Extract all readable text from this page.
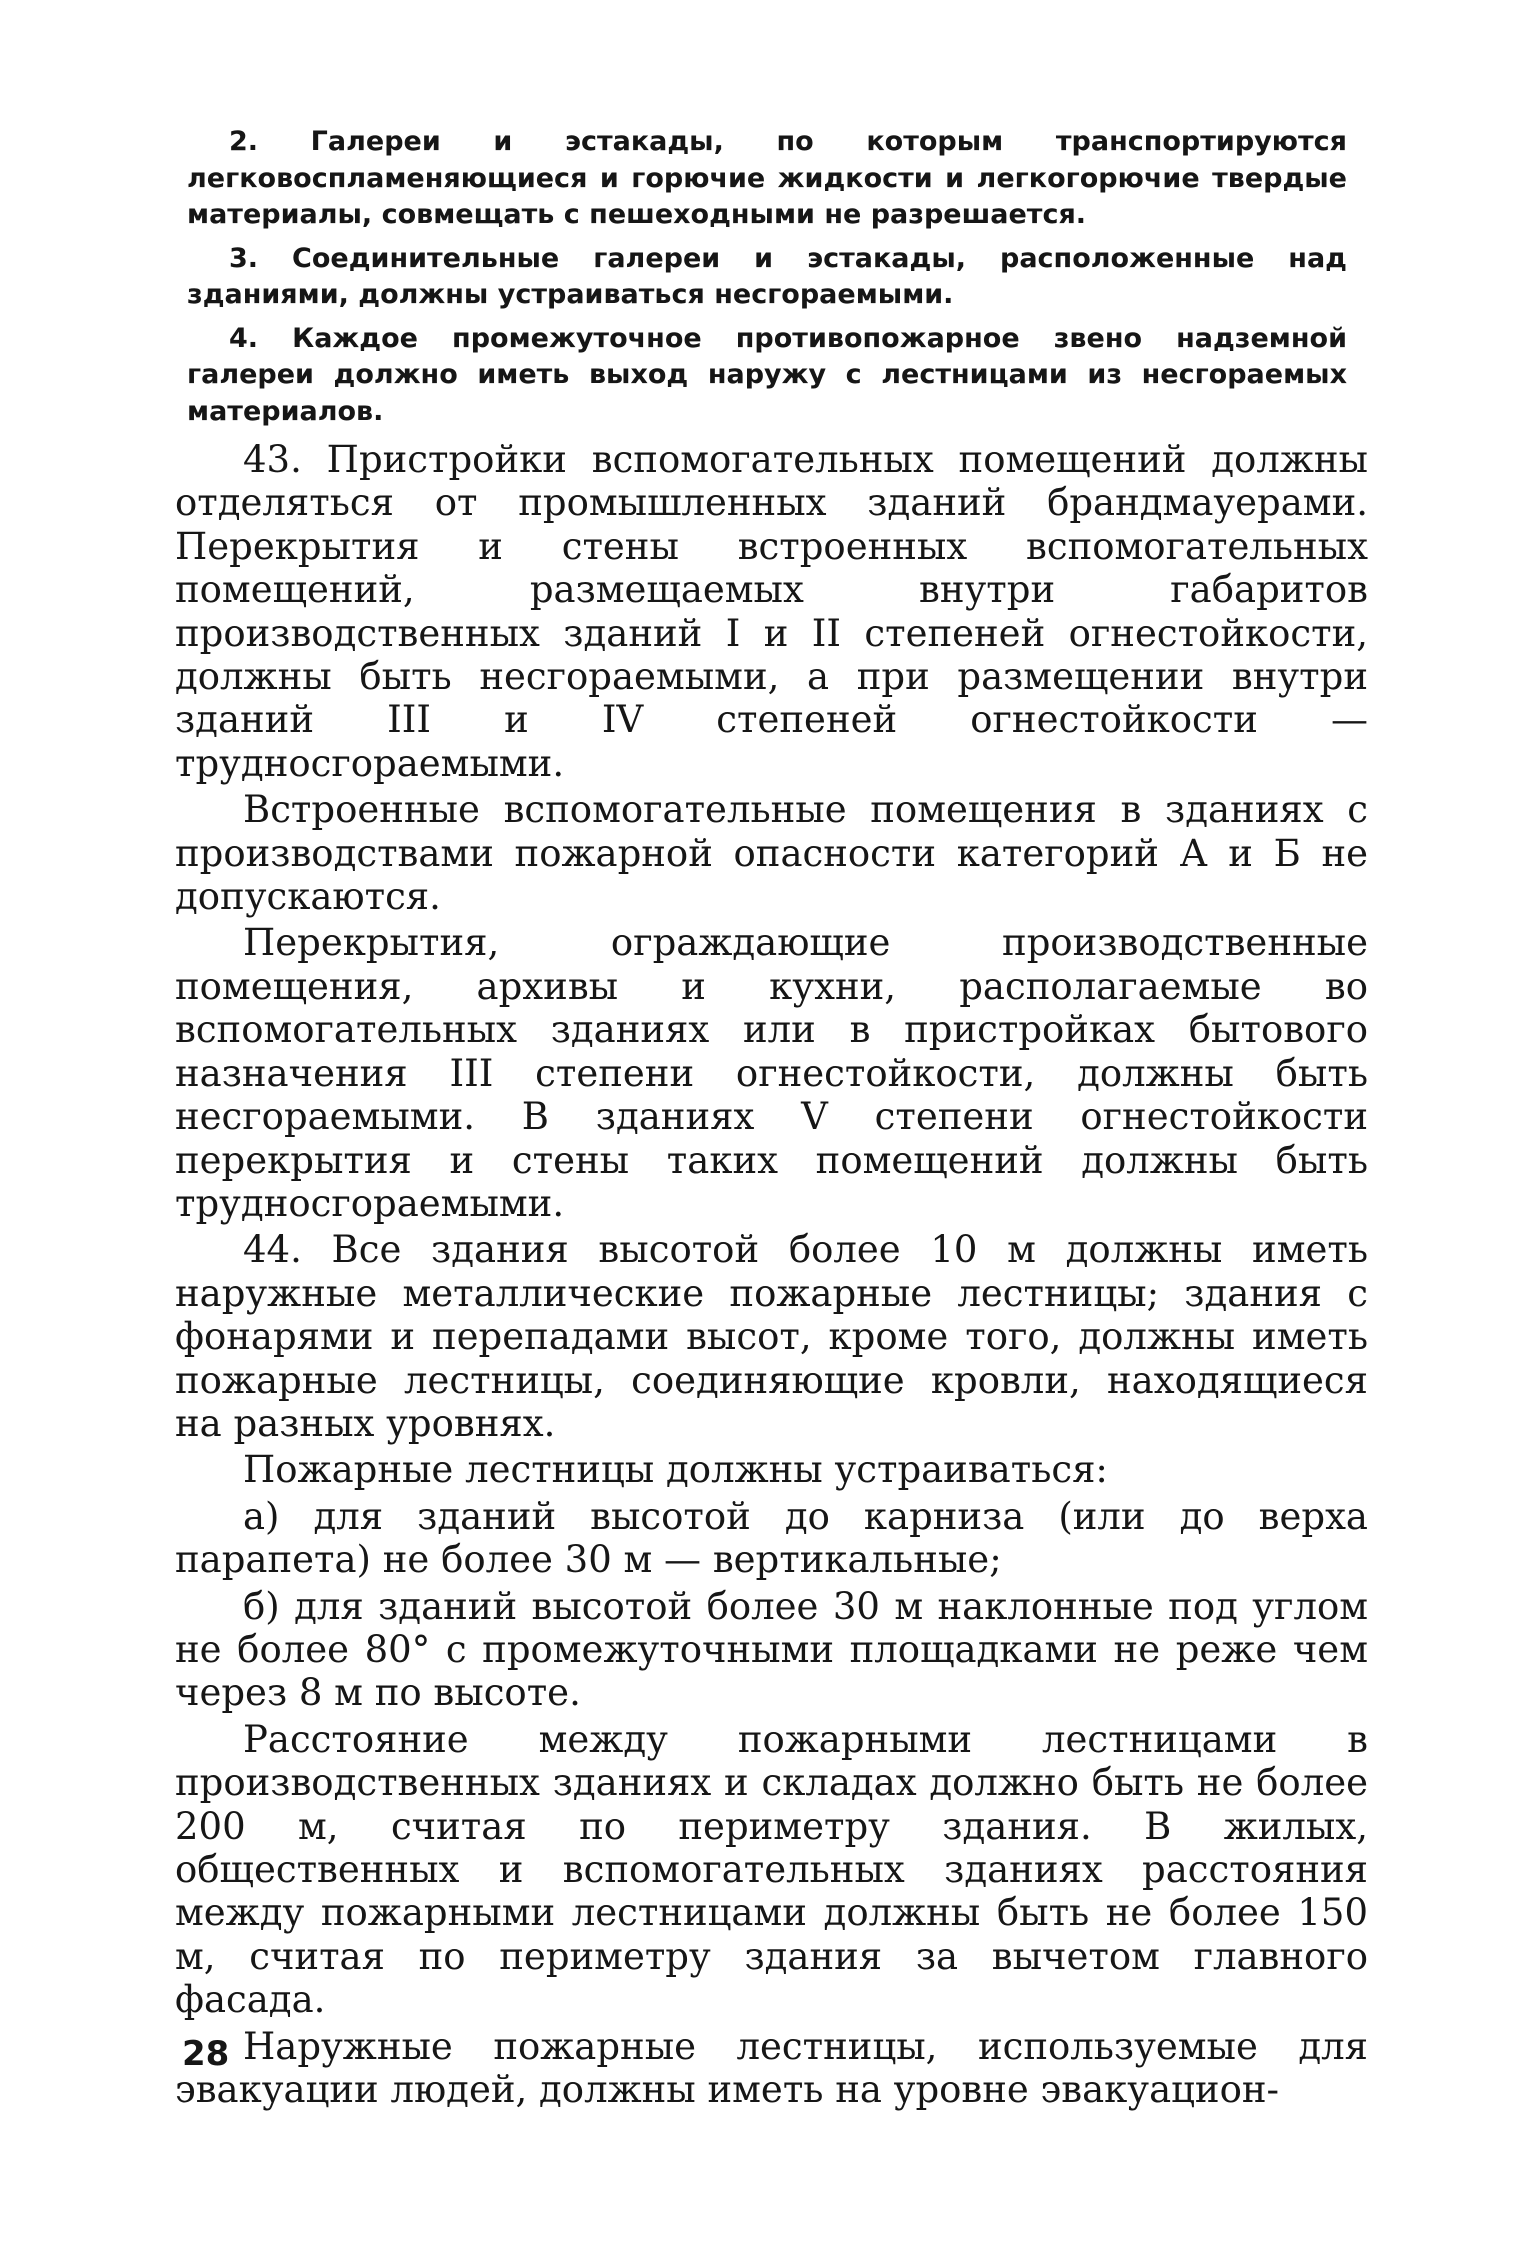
2. Галереи и эстакады, по которым транспортируются легковоспламеняющиеся и горючие жидкости и легкогорючие твердые материалы, совмещать с пешеходными не разрешается.

3. Соединительные галереи и эстакады, расположенные над зданиями, должны устраиваться несгораемыми.

4. Каждое промежуточное противопожарное звено надземной галереи должно иметь выход наружу с лестницами из несгораемых материалов.

43. Пристройки вспомогательных помещений должны отделяться от промышленных зданий брандмауерами. Перекрытия и стены встроенных вспомогательных помещений, размещаемых внутри габаритов производственных зданий I и II степеней огнестойкости, должны быть несгораемыми, а при размещении внутри зданий III и IV степеней огнестойкости — трудносгораемыми.

Встроенные вспомогательные помещения в зданиях с производствами пожарной опасности категорий А и Б не допускаются.

Перекрытия, ограждающие производственные помещения, архивы и кухни, располагаемые во вспомогательных зданиях или в пристройках бытового назначения III степени огнестойкости, должны быть несгораемыми. В зданиях V степени огнестойкости перекрытия и стены таких помещений должны быть трудносгораемыми.

44. Все здания высотой более 10 м должны иметь наружные металлические пожарные лестницы; здания с фонарями и перепадами высот, кроме того, должны иметь пожарные лестницы, соединяющие кровли, находящиеся на разных уровнях.

Пожарные лестницы должны устраиваться:

а) для зданий высотой до карниза (или до верха парапета) не более 30 м — вертикальные;

б) для зданий высотой более 30 м наклонные под углом не более 80° с промежуточными площадками не реже чем через 8 м по высоте.

Расстояние между пожарными лестницами в производственных зданиях и складах должно быть не более 200 м, считая по периметру здания. В жилых, общественных и вспомогательных зданиях расстояния между пожарными лестницами должны быть не более 150 м, считая по периметру здания за вычетом главного фасада.

Наружные пожарные лестницы, используемые для эвакуации людей, должны иметь на уровне эвакуацион-

28
